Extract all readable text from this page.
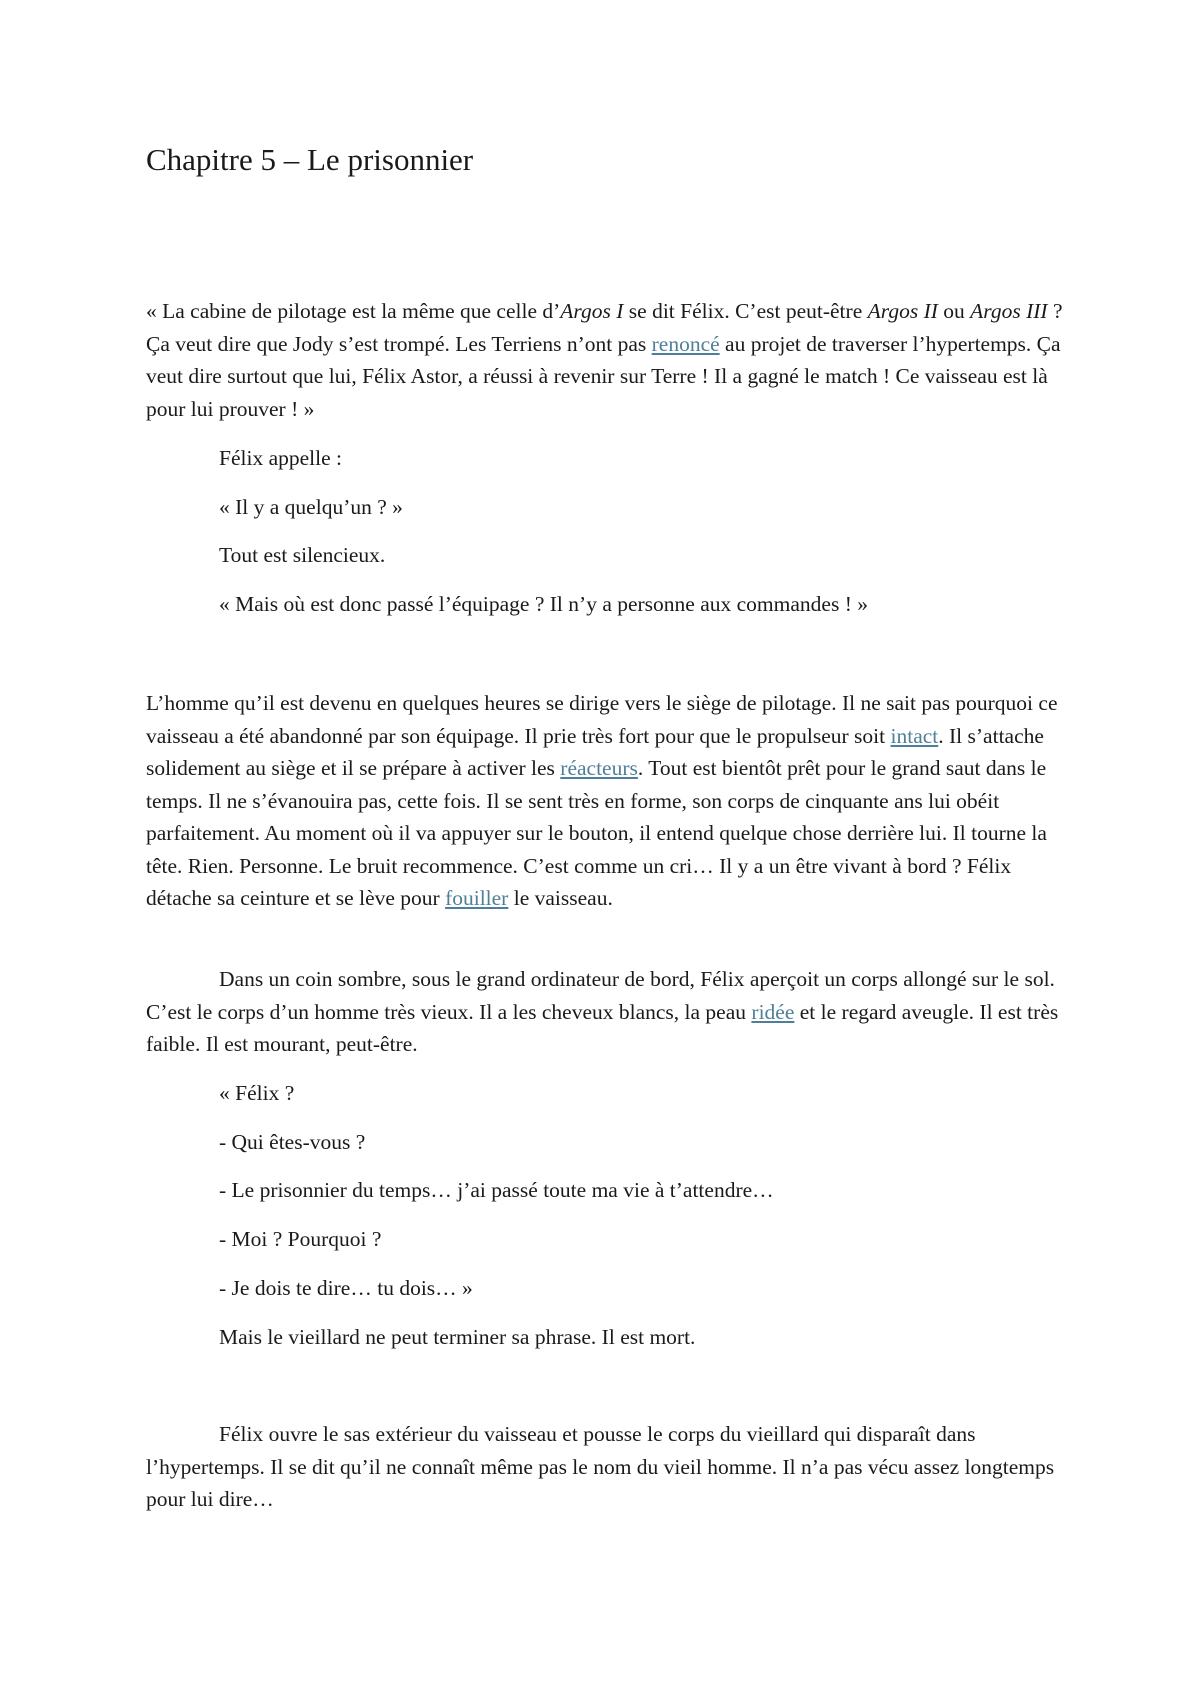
Chapitre 5 – Le prisonnier

« La cabine de pilotage est la même que celle d’Argos I se dit Félix. C’est peut-être Argos II ou Argos III ? Ça veut dire que Jody s’est trompé. Les Terriens n’ont pas renoncé au projet de traverser l’hypertemps. Ça veut dire surtout que lui, Félix Astor, a réussi à revenir sur Terre ! Il a gagné le match ! Ce vaisseau est là pour lui prouver ! »

Félix appelle :

« Il y a quelqu’un ? »

Tout est silencieux.

« Mais où est donc passé l’équipage ? Il n’y a personne aux commandes ! »

L’homme qu’il est devenu en quelques heures se dirige vers le siège de pilotage. Il ne sait pas pourquoi ce vaisseau a été abandonné par son équipage. Il prie très fort pour que le propulseur soit intact. Il s’attache solidement au siège et il se prépare à activer les réacteurs. Tout est bientôt prêt pour le grand saut dans le temps. Il ne s’évanouira pas, cette fois. Il se sent très en forme, son corps de cinquante ans lui obéit parfaitement. Au moment où il va appuyer sur le bouton, il entend quelque chose derrière lui. Il tourne la tête. Rien. Personne. Le bruit recommence. C’est comme un cri… Il y a un être vivant à bord ? Félix détache sa ceinture et se lève pour fouiller le vaisseau.

Dans un coin sombre, sous le grand ordinateur de bord, Félix aperçoit un corps allongé sur le sol. C’est le corps d’un homme très vieux. Il a les cheveux blancs, la peau ridée et le regard aveugle. Il est très faible. Il est mourant, peut-être.

« Félix ?

- Qui êtes-vous ?

- Le prisonnier du temps… j’ai passé toute ma vie à t’attendre…

- Moi ? Pourquoi ?

- Je dois te dire… tu dois… »

Mais le vieillard ne peut terminer sa phrase. Il est mort.

Félix ouvre le sas extérieur du vaisseau et pousse le corps du vieillard qui disparaît dans l’hypertemps. Il se dit qu’il ne connaît même pas le nom du vieil homme. Il n’a pas vécu assez longtemps pour lui dire…
